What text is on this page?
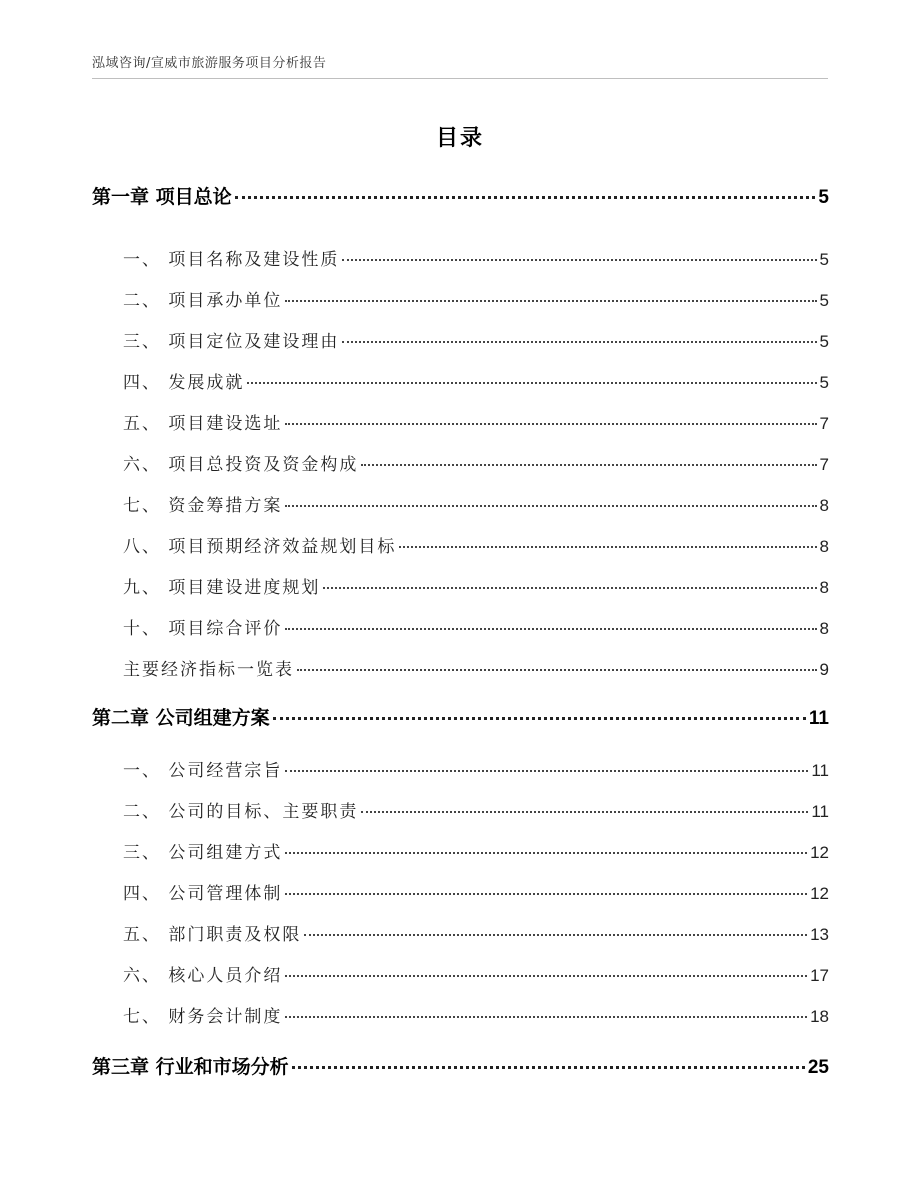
泓域咨询/宣威市旅游服务项目分析报告
目录
第一章 项目总论	5
一、 项目名称及建设性质	5
二、 项目承办单位	5
三、 项目定位及建设理由	5
四、 发展成就	5
五、 项目建设选址	7
六、 项目总投资及资金构成	7
七、 资金筹措方案	8
八、 项目预期经济效益规划目标	8
九、 项目建设进度规划	8
十、 项目综合评价	8
主要经济指标一览表	9
第二章 公司组建方案	11
一、 公司经营宗旨	11
二、 公司的目标、主要职责	11
三、 公司组建方式	12
四、 公司管理体制	12
五、 部门职责及权限	13
六、 核心人员介绍	17
七、 财务会计制度	18
第三章 行业和市场分析	25
